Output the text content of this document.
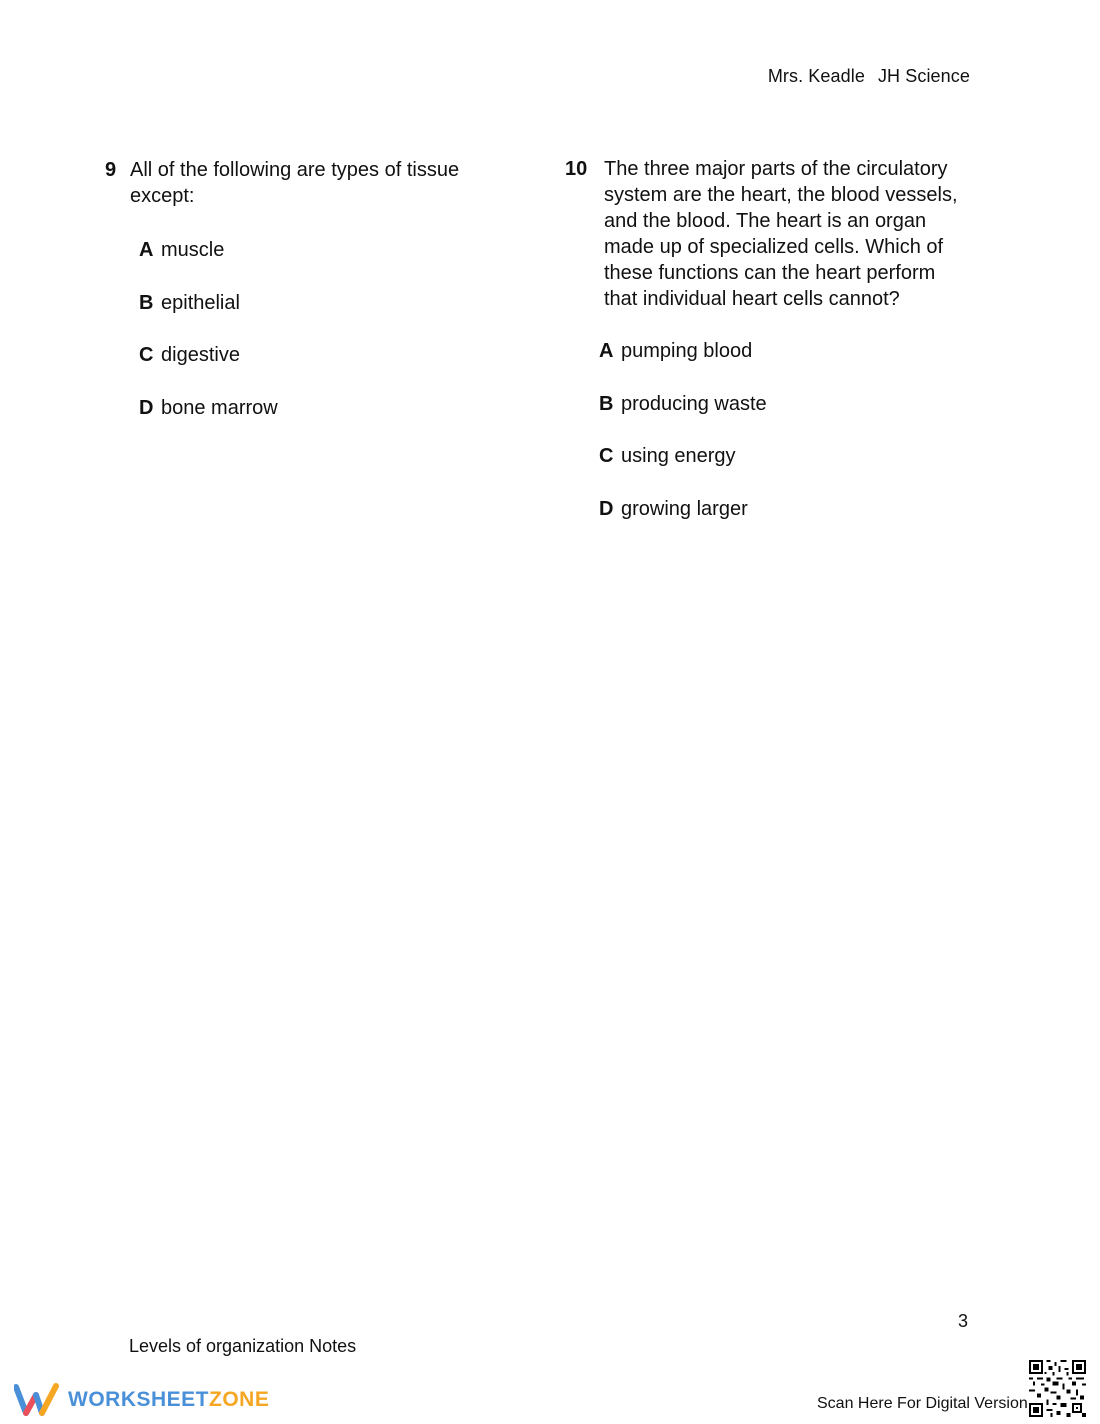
Mrs. Keadle JH Science
9 All of the following are types of tissue except:
A muscle
B epithelial
C digestive
D bone marrow
10 The three major parts of the circulatory system are the heart, the blood vessels, and the blood. The heart is an organ made up of specialized cells. Which of these functions can the heart perform that individual heart cells cannot?
A pumping blood
B producing waste
C using energy
D growing larger
3
Levels of organization Notes
WORKSHEETZONE	Scan Here For Digital Version
